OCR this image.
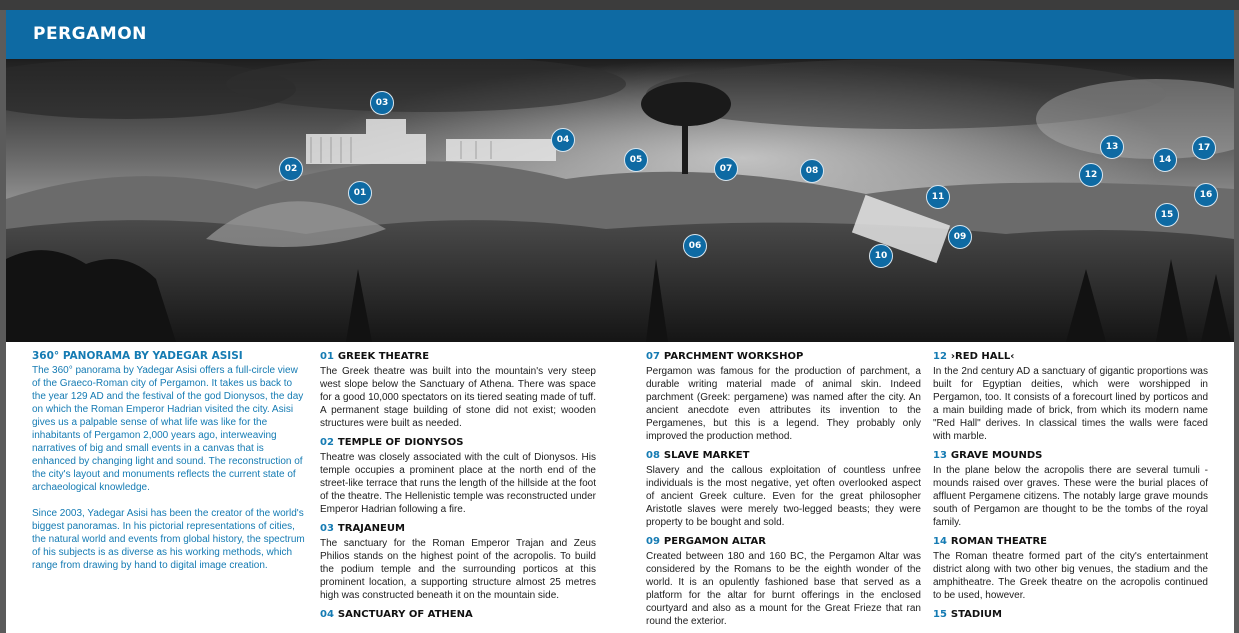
PERGAMON
02
01
03
04
05
06
07	08
09
10
11
12
13
14
15
16
17
360° PANORAMA BY YADEGAR ASISI

The 360° panorama by Yadegar Asisi offers a full-circle view of the Graeco-Roman city of Pergamon. It takes us back to the year 129 AD and the festival of the god Dionysos, the day on which the Roman Emperor Hadrian visited the city. Asisi gives us a palpable sense of what life was like for the inhabitants of Pergamon 2,000 years ago, interweaving narratives of big and small events in a canvas that is enhanced by changing light and sound. The reconstruction of the city's layout and monuments reflects the current state of archaeological knowledge.

Since 2003, Yadegar Asisi has been the creator of the world's biggest panoramas. In his pictorial representations of cities, the natural world and events from global history, the spectrum of his subjects is as diverse as his working methods, which range from drawing by hand to digital image creation.

01 GREEK THEATRE

The Greek theatre was built into the mountain's very steep west slope below the Sanctuary of Athena. There was space for a good 10,000 spectators on its tiered seating made of tuff. A permanent stage building of stone did not exist; wooden structures were built as needed.

02 TEMPLE OF DIONYSOS

Theatre was closely associated with the cult of Dionysos. His temple occupies a prominent place at the north end of the street-like terrace that runs the length of the hillside at the foot of the theatre. The Hellenistic temple was reconstructed under Emperor Hadrian following a fire.

03 TRAJANEUM

The sanctuary for the Roman Emperor Trajan and Zeus Philios stands on the highest point of the acropolis. To build the podium temple and the surrounding porticos at this prominent location, a supporting structure almost 25 metres high was constructed beneath it on the mountain side.

04 SANCTUARY OF ATHENA
07 PARCHMENT WORKSHOP

Pergamon was famous for the production of parchment, a durable writing material made of animal skin. Indeed parchment (Greek: pergamene) was named after the city. An ancient anecdote even attributes its invention to the Pergamenes, but this is a legend. They probably only improved the production method.

08 SLAVE MARKET

Slavery and the callous exploitation of countless unfree individuals is the most negative, yet often overlooked aspect of ancient Greek culture. Even for the great philosopher Aristotle slaves were merely two-legged beasts; they were property to be bought and sold.

09 PERGAMON ALTAR

Created between 180 and 160 BC, the Pergamon Altar was considered by the Romans to be the eighth wonder of the world. It is an opulently fashioned base that served as a platform for the altar for burnt offerings in the enclosed courtyard and also as a mount for the Great Frieze that ran round the exterior.

12 ›RED HALL‹

In the 2nd century AD a sanctuary of gigantic proportions was built for Egyptian deities, which were worshipped in Pergamon, too. It consists of a forecourt lined by porticos and a main building made of brick, from which its modern name "Red Hall" derives. In classical times the walls were faced with marble.

13 GRAVE MOUNDS

In the plane below the acropolis there are several tumuli - mounds raised over graves. These were the burial places of affluent Pergamene citizens. The notably large grave mounds south of Pergamon are thought to be the tombs of the royal family.

14 ROMAN THEATRE

The Roman theatre formed part of the city's entertainment district along with two other big venues, the stadium and the amphitheatre. The Greek theatre on the acropolis continued to be used, however.

15 STADIUM
